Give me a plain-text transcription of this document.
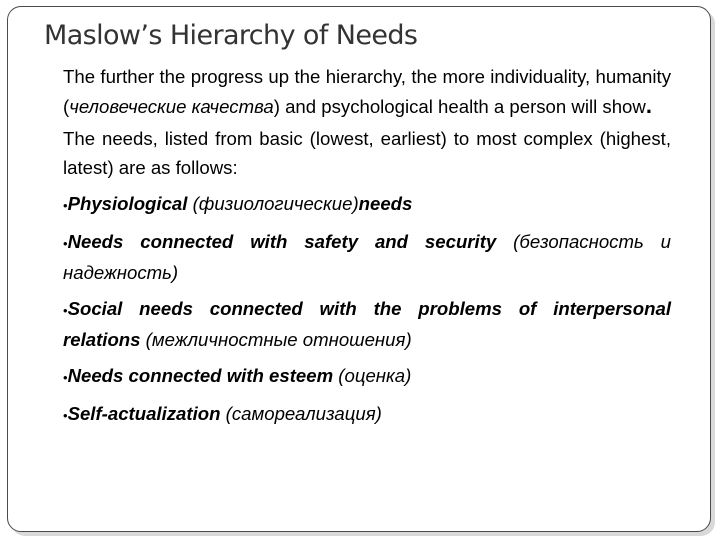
Maslow’s Hierarchy of Needs

The further the progress up the hierarchy, the more individuality, humanity (человеческие качества) and psychological health a person will show.

The needs, listed from basic (lowest, earliest) to most complex (highest, latest) are as follows:

•Physiological (физиологические)needs

•Needs connected with safety and security (безопасность и надежность)

•Social needs connected with the problems of interpersonal relations (межличностные отношения)

•Needs connected with esteem (оценка)

•Self-actualization (самореализация)
